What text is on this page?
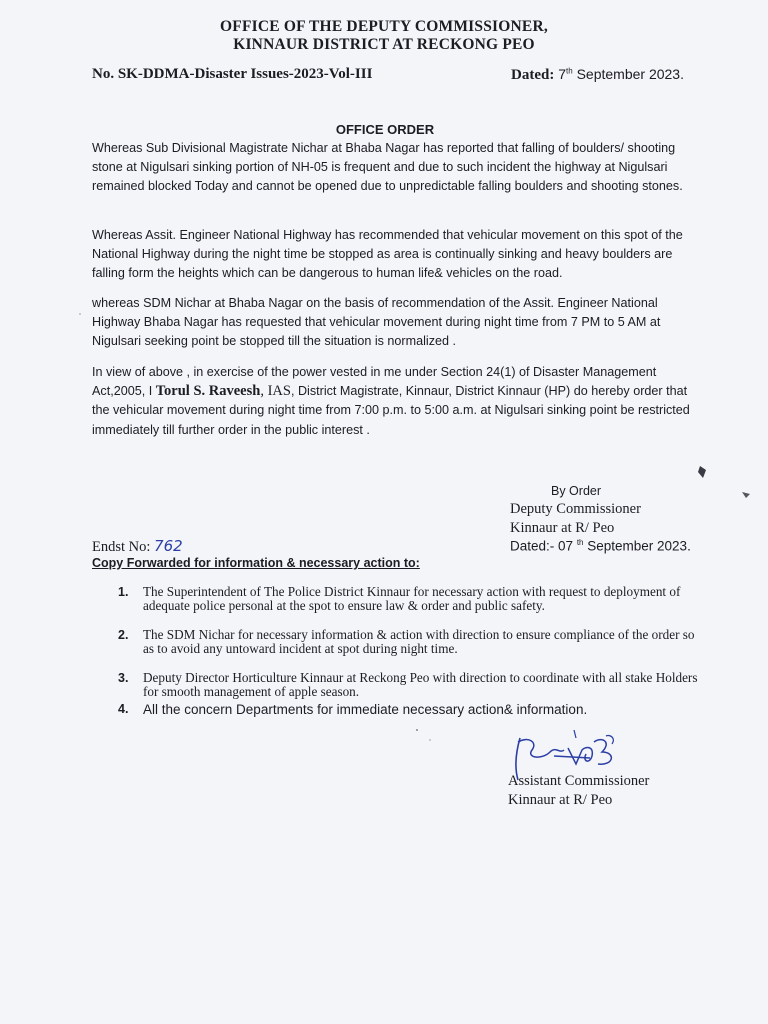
OFFICE OF THE DEPUTY COMMISSIONER,
KINNAUR DISTRICT AT RECKONG PEO
No. SK-DDMA-Disaster Issues-2023-Vol-III	Dated: 7th September 2023.
OFFICE ORDER
Whereas Sub Divisional Magistrate Nichar at Bhaba Nagar has reported that falling of boulders/ shooting stone at Nigulsari sinking portion of NH-05 is frequent and due to such incident the highway at Nigulsari remained blocked Today and cannot be opened due to unpredictable falling boulders and shooting stones.
Whereas Assit. Engineer National Highway has recommended that vehicular movement on this spot of the National Highway during the night time be stopped as area is continually sinking and heavy boulders are falling form the heights which can be dangerous to human life& vehicles on the road.
whereas SDM Nichar at Bhaba Nagar on the basis of recommendation of the Assit. Engineer National Highway Bhaba Nagar has requested that vehicular movement during night time from 7 PM to 5 AM at Nigulsari seeking point be stopped till the situation is normalized .
In view of above , in exercise of the power vested in me under Section 24(1) of Disaster Management Act,2005, I Torul S. Raveesh, IAS, District Magistrate, Kinnaur, District Kinnaur (HP) do hereby order that the vehicular movement during night time from 7:00 p.m. to 5:00 a.m. at Nigulsari sinking point be restricted immediately till further order in the public interest .
By Order
Deputy Commissioner
Kinnaur at R/ Peo
Dated:- 07 $^{th}$ September 2023.
Endst No: 762
Copy Forwarded for information & necessary action to:
1. The Superintendent of The Police District Kinnaur for necessary action with request to deployment of adequate police personal at the spot to ensure law & order and public safety.
2. The SDM Nichar for necessary information & action with direction to ensure compliance of the order so as to avoid any untoward incident at spot during night time.
3. Deputy Director Horticulture Kinnaur at Reckong Peo with direction to coordinate with all stake Holders for smooth management of apple season.
4. All the concern Departments for immediate necessary action& information.
Assistant Commissioner
Kinnaur at R/ Peo
